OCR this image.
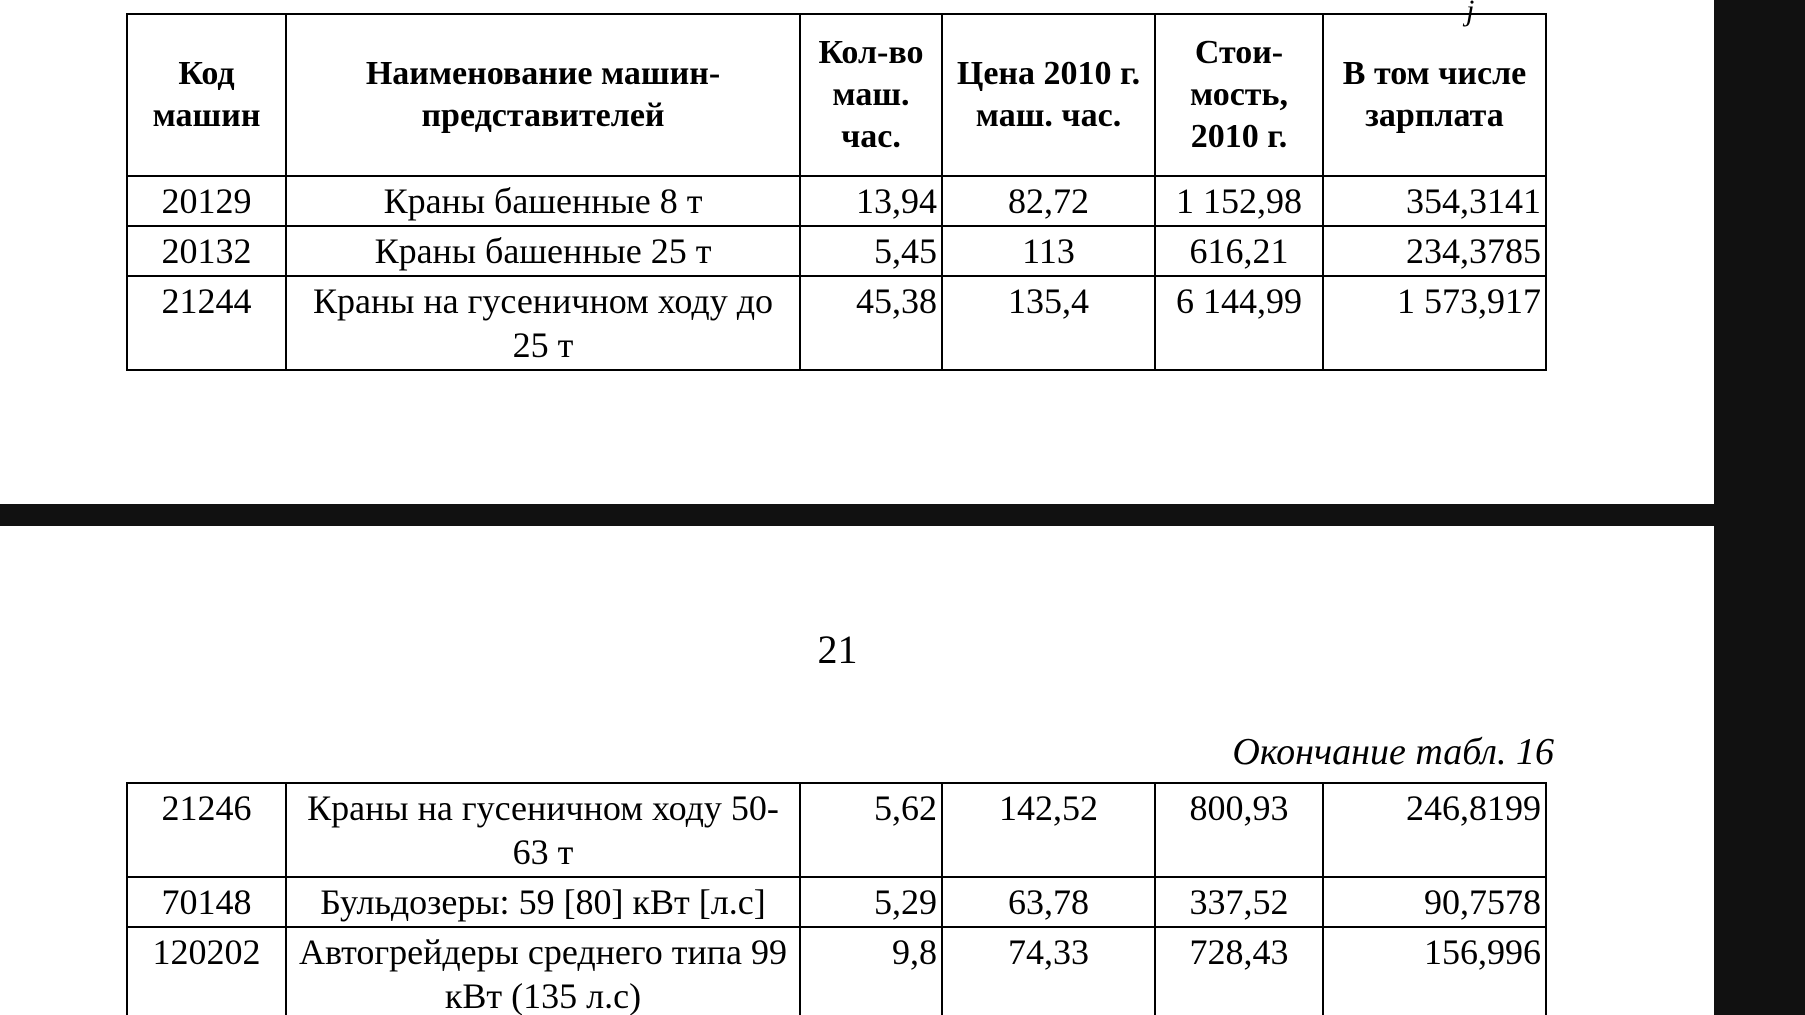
j
Код машин	Наименование машин-представителей	Кол-во маш. час.	Цена 2010 г. маш. час.	Стои-мость, 2010 г.	В том числе зарплата
20129	Краны башенные 8 т	13,94	82,72	1 152,98	354,3141
20132	Краны башенные 25 т	5,45	113	616,21	234,3785
21244	Краны на гусеничном ходу до 25 т	45,38	135,4	6 144,99	1 573,917
21
Окончание табл. 16
21246	Краны на гусеничном ходу 50-63 т	5,62	142,52	800,93	246,8199
70148	Бульдозеры: 59 [80] кВт [л.с]	5,29	63,78	337,52	90,7578
120202	Автогрейдеры среднего типа 99 кВт (135 л.с)	9,8	74,33	728,43	156,996
